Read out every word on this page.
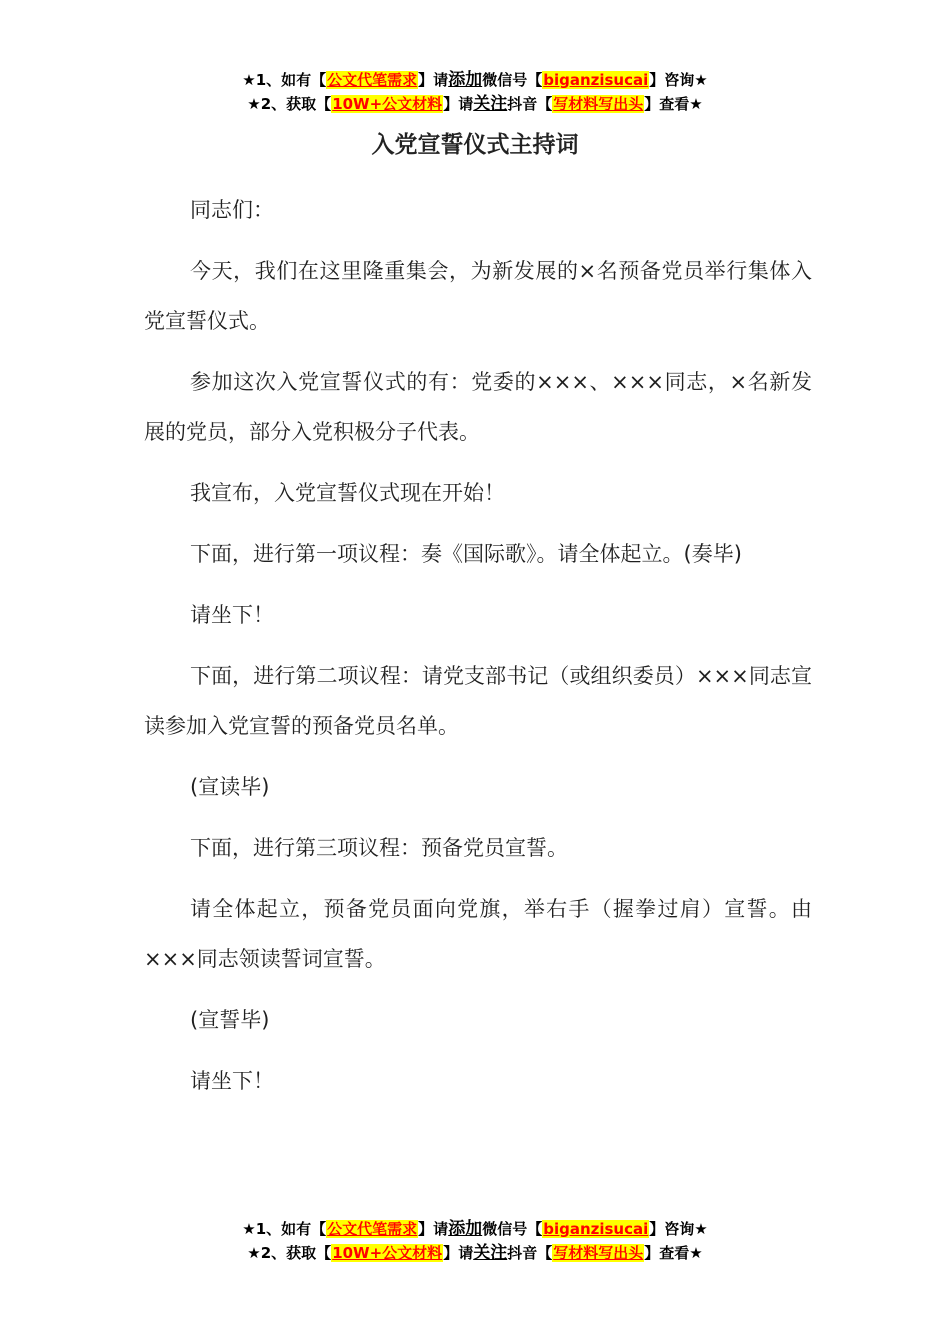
★1、如有【公文代笔需求】请添加微信号【biganzisucai】咨询★
★2、获取【10W+公文材料】请关注抖音【写材料写出头】查看★
入党宣誓仪式主持词

同志们：

今天，我们在这里隆重集会，为新发展的×名预备党员举行集体入党宣誓仪式。

参加这次入党宣誓仪式的有：党委的×××、×××同志，×名新发展的党员，部分入党积极分子代表。

我宣布，入党宣誓仪式现在开始！

下面，进行第一项议程：奏《国际歌》。请全体起立。(奏毕)

请坐下！

下面，进行第二项议程：请党支部书记（或组织委员）×××同志宣读参加入党宣誓的预备党员名单。

(宣读毕)

下面，进行第三项议程：预备党员宣誓。

请全体起立，预备党员面向党旗，举右手（握拳过肩）宣誓。由×××同志领读誓词宣誓。

(宣誓毕)

请坐下！

★1、如有【公文代笔需求】请添加微信号【biganzisucai】咨询★
★2、获取【10W+公文材料】请关注抖音【写材料写出头】查看★
